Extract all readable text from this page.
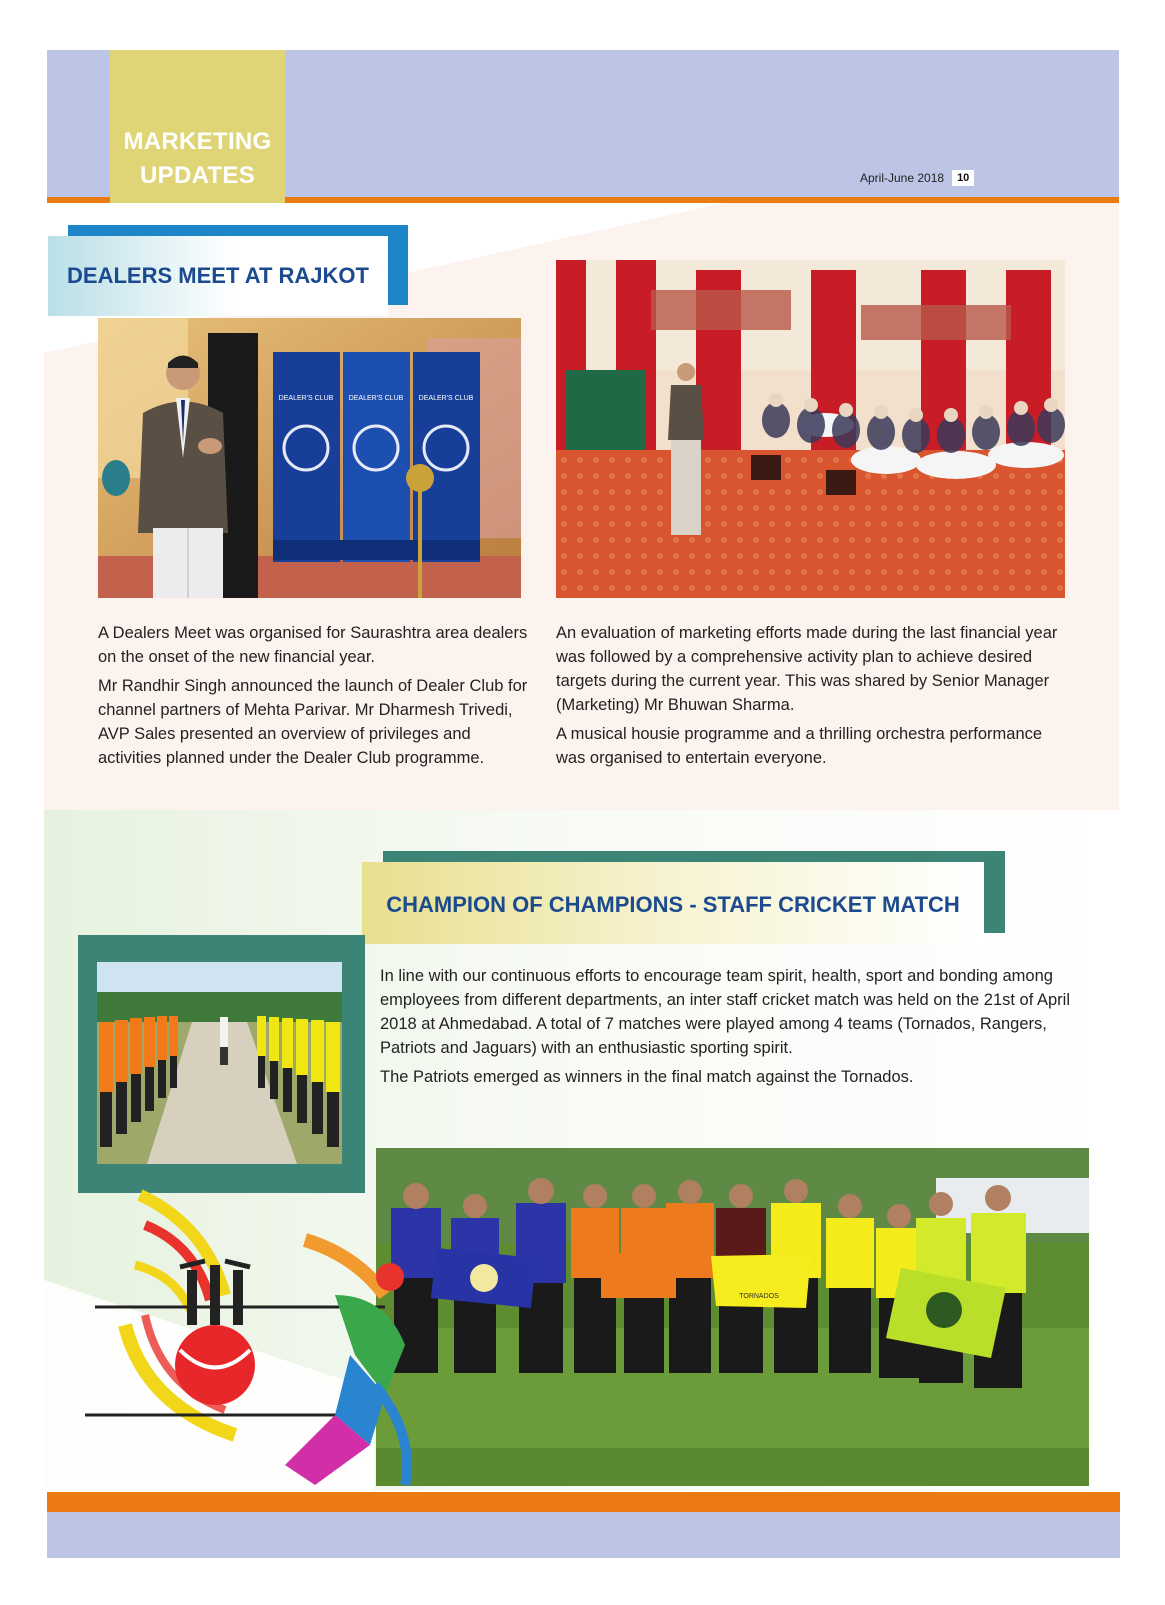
MARKETING
UPDATES	April-June 2018	10
DEALERS MEET AT RAJKOT
DEALER'S CLUB DEALER'S CLUB DEALER'S CLUB

A Dealers Meet was organised for Saurashtra area dealers on the onset of the new financial year.

Mr Randhir Singh announced the launch of Dealer Club for channel partners of Mehta Parivar. Mr Dharmesh Trivedi, AVP Sales presented an overview of privileges and activities planned under the Dealer Club programme.

An evaluation of marketing efforts made during the last financial year was followed by a comprehensive activity plan to achieve desired targets during the current year. This was shared by Senior Manager (Marketing) Mr Bhuwan Sharma.

A musical housie programme and a thrilling orchestra performance was organised to entertain everyone.

CHAMPION OF CHAMPIONS - STAFF CRICKET MATCH

In line with our continuous efforts to encourage team spirit, health, sport and bonding among employees from different departments, an inter staff cricket match was held on the 21st of April 2018 at Ahmedabad. A total of 7 matches were played among 4 teams (Tornados, Rangers, Patriots and Jaguars) with an enthusiastic sporting spirit.

The Patriots emerged as winners in the final match against the Tornados.

TORNADOS
